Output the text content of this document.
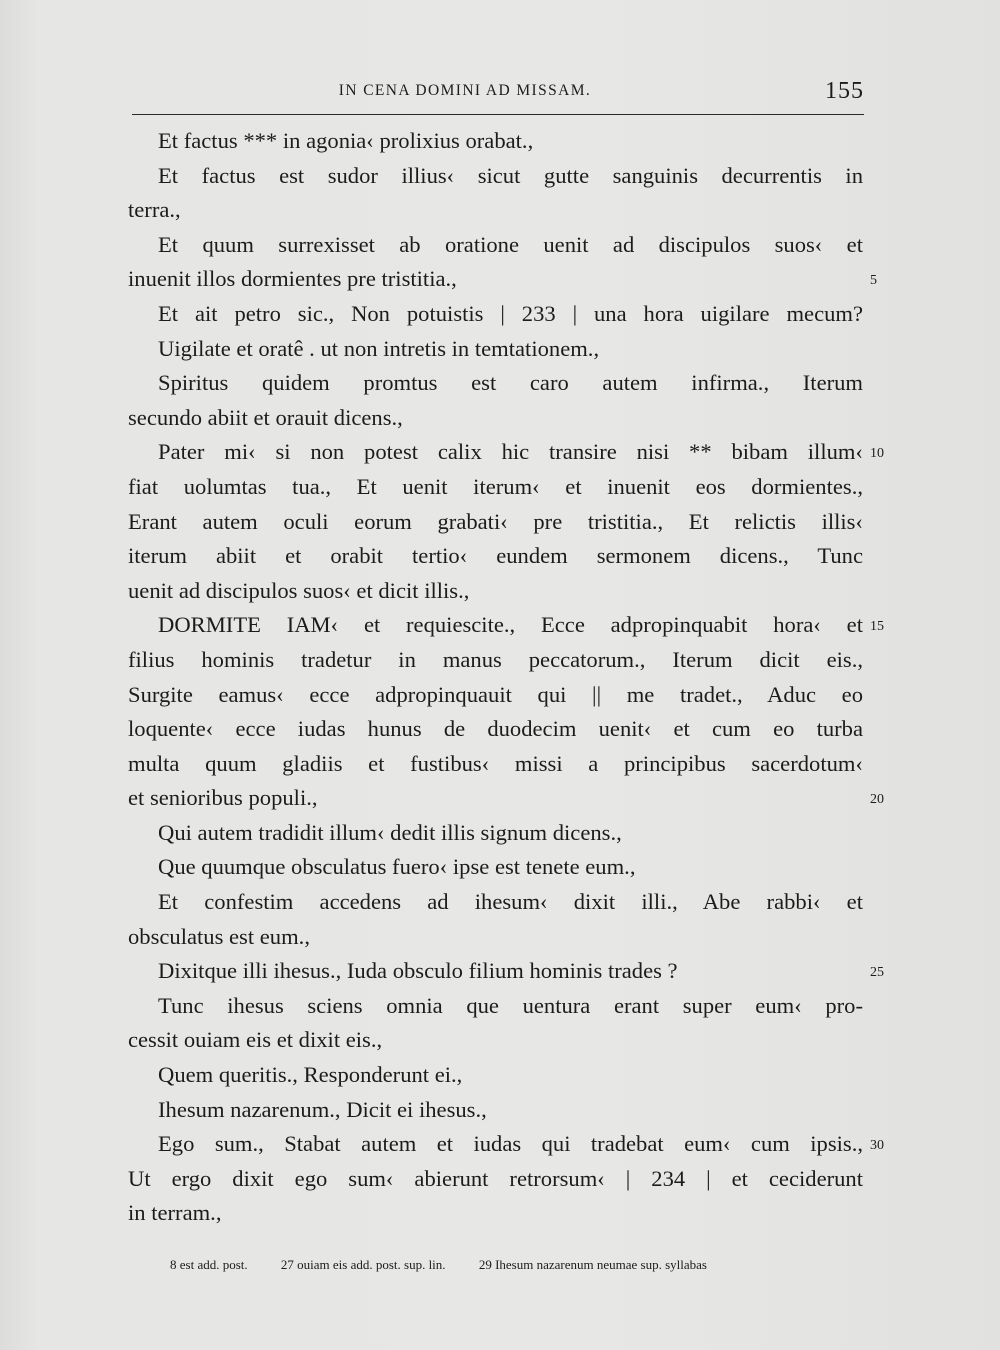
IN CENA DOMINI AD MISSAM.	155
Et factus *** in agonia‹ prolixius orabat.,
Et factus est sudor illius‹ sicut gutte sanguinis decurrentis in
terra.,
Et quum surrexisset ab oratione uenit ad discipulos suos‹ et
inuenit illos dormientes pre tristitia.,	5
Et ait petro sic., Non potuistis | 233 | una hora uigilare mecum?
Uigilate et oratê . ut non intretis in temtationem.,
Spiritus quidem promtus est caro autem infirma., Iterum
secundo abiit et orauit dicens.,
Pater mi‹ si non potest calix hic transire nisi ** bibam illum‹ 10
fiat uolumtas tua., Et uenit iterum‹ et inuenit eos dormientes.,
Erant autem oculi eorum grabati‹ pre tristitia., Et relictis illis‹
iterum abiit et orabit tertio‹ eundem sermonem dicens., Tunc
uenit ad discipulos suos‹ et dicit illis.,
DORMITE IAM‹ et requiescite., Ecce adpropinquabit hora‹ et 15
filius hominis tradetur in manus peccatorum., Iterum dicit eis.,
Surgite eamus‹ ecce adpropinquauit qui || me tradet., Aduc eo
loquente‹ ecce iudas hunus de duodecim uenit‹ et cum eo turba
multa quum gladiis et fustibus‹ missi a principibus sacerdotum‹
et senioribus populi.,	20
Qui autem tradidit illum‹ dedit illis signum dicens.,
Que quumque obsculatus fuero‹ ipse est tenete eum.,
Et confestim accedens ad ihesum‹ dixit illi., Abe rabbi‹ et
obsculatus est eum.,
Dixitque illi ihesus., Iuda obsculo filium hominis trades ?	25
Tunc ihesus sciens omnia que uentura erant super eum‹ pro-
cessit ouiam eis et dixit eis.,
Quem queritis., Responderunt ei.,
Ihesum nazarenum., Dicit ei ihesus.,
Ego sum., Stabat autem et iudas qui tradebat eum‹ cum ipsis., 30
Ut ergo dixit ego sum‹ abierunt retrorsum‹ | 234 | et ceciderunt
in terram.,
8 est add. post.	27 ouiam eis add. post. sup. lin.	29 Ihesum nazarenum neumae sup. syllabas
